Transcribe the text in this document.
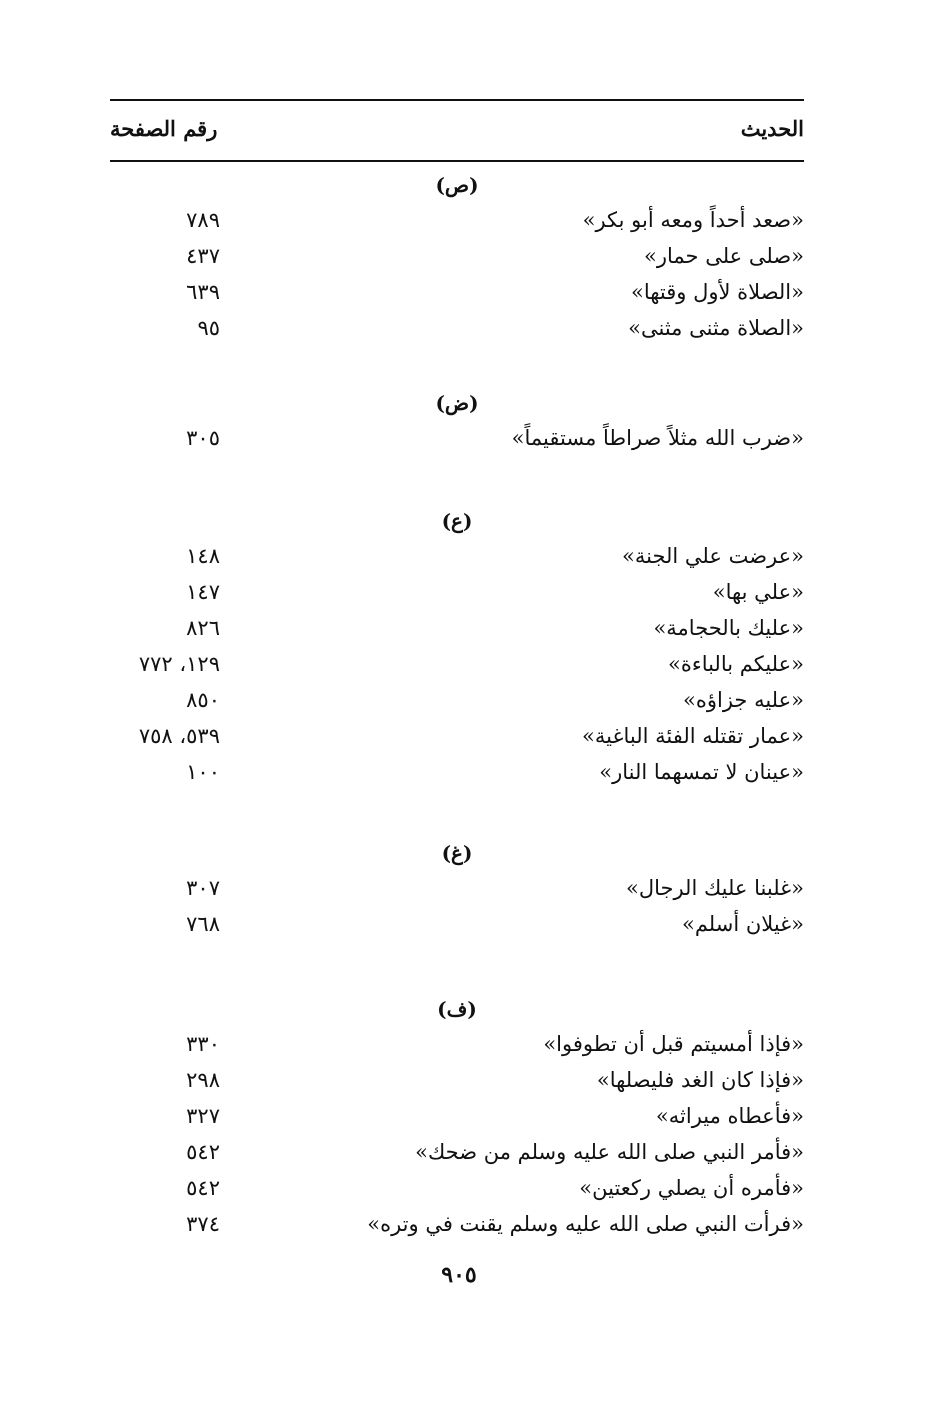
الحديث
رقم الصفحة
(ص)
«صعد أحداً ومعه أبو بكر»
٧٨٩
«صلى على حمار»
٤٣٧
«الصلاة لأول وقتها»
٦٣٩
«الصلاة مثنى مثنى»
٩٥
(ض)
«ضرب الله مثلاً صراطاً مستقيماً»
٣٠٥
(ع)
«عرضت علي الجنة»
١٤٨
«علي بها»
١٤٧
«عليك بالحجامة»
٨٢٦
«عليكم بالباءة»
١٢٩، ٧٧٢
«عليه جزاؤه»
٨٥٠
«عمار تقتله الفئة الباغية»
٥٣٩، ٧٥٨
«عينان لا تمسهما النار»
١٠٠
(غ)
«غلبنا عليك الرجال»
٣٠٧
«غيلان أسلم»
٧٦٨
(ف)
«فإذا أمسيتم قبل أن تطوفوا»
٣٣٠
«فإذا كان الغد فليصلها»
٢٩٨
«فأعطاه ميراثه»
٣٢٧
«فأمر النبي صلى الله عليه وسلم من ضحك»
٥٤٢
«فأمره أن يصلي ركعتين»
٥٤٢
«فرأت النبي صلى الله عليه وسلم يقنت في وتره»
٣٧٤
٩٠٥
